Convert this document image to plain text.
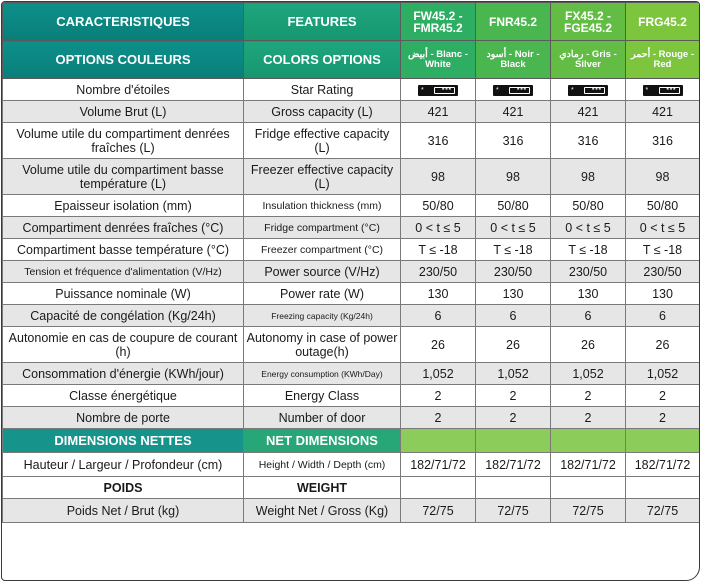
CARACTERISTIQUES	FEATURES	FW45.2 - FMR45.2	FNR45.2	FX45.2 - FGE45.2	FRG45.2
OPTIONS COULEURS	COLORS OPTIONS	أبيض - Blanc - White	أسود - Noir - Black	رمادي - Gris - Silver	أحمر - Rouge - Red
Nombre d'étoiles	Star Rating	* ***	* ***	* ***	* ***

Volume Brut (L)	Gross capacity (L)	421	421	421	421
Volume utile du compartiment denrées fraîches (L)	Fridge effective capacity (L)	316	316	316	316
Volume utile du compartiment basse température (L)	Freezer effective capacity (L)	98	98	98	98
Epaisseur isolation (mm)	Insulation thickness (mm)	50/80	50/80	50/80	50/80
Compartiment denrées fraîches (°C)	Fridge compartment (°C)	0 < t ≤ 5	0 < t ≤ 5	0 < t ≤ 5	0 < t ≤ 5
Compartiment basse température (°C)	Freezer compartment (°C)	T ≤ -18	T ≤ -18	T ≤ -18	T ≤ -18
Tension et fréquence d'alimentation (V/Hz)	Power source (V/Hz)	230/50	230/50	230/50	230/50
Puissance nominale (W)	Power rate (W)	130	130	130	130
Capacité de congélation (Kg/24h)	Freezing capacity (Kg/24h)	6	6	6	6
Autonomie en cas de coupure de courant (h)	Autonomy in case of power outage(h)	26	26	26	26
Consommation d'énergie (KWh/jour)	Energy consumption (KWh/Day)	1,052	1,052	1,052	1,052
Classe énergétique	Energy Class	2	2	2	2
Nombre de porte	Number of door	2	2	2	2
DIMENSIONS NETTES	NET DIMENSIONS				
Hauteur / Largeur / Profondeur (cm)	Height / Width / Depth (cm)	182/71/72	182/71/72	182/71/72	182/71/72
POIDS	WEIGHT				
Poids Net / Brut (kg)	Weight Net / Gross (Kg)	72/75	72/75	72/75	72/75
